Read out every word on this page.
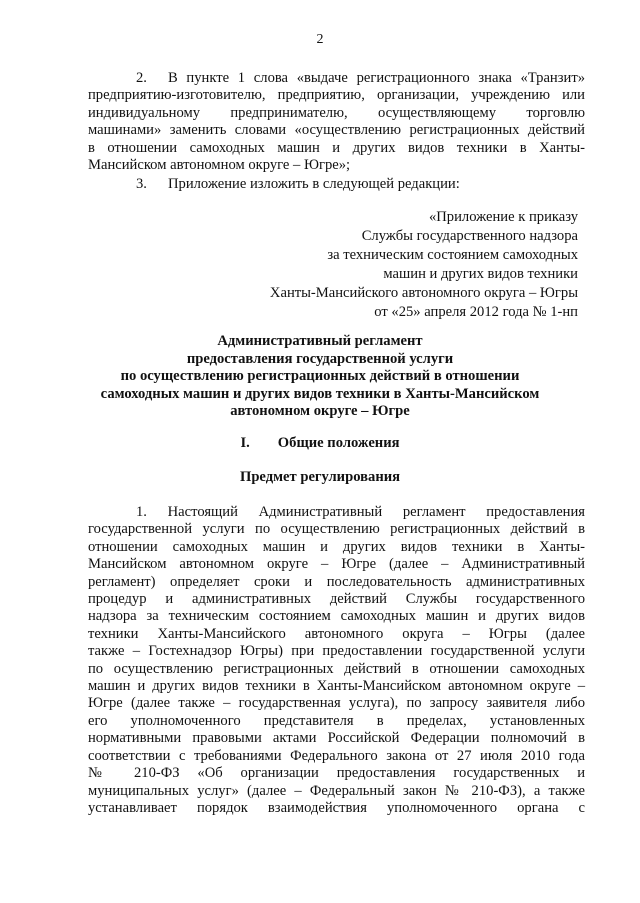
2
2. В пункте 1 слова «выдаче регистрационного знака «Транзит»
предприятию-изготовителю, предприятию, организации, учреждению или
индивидуальному предпринимателю, осуществляющему торговлю
машинами» заменить словами «осуществлению регистрационных действий
в отношении самоходных машин и других видов техники в Ханты-
Мансийском автономном округе – Югре»;
3. Приложение изложить в следующей редакции:
«Приложение к приказу
Службы государственного надзора
за техническим состоянием самоходных
машин и других видов техники
Ханты-Мансийского автономного округа – Югры
от «25» апреля 2012 года № 1-нп
Административный регламент
предоставления государственной услуги
по осуществлению регистрационных действий в отношении
самоходных машин и других видов техники в Ханты-Мансийском
автономном округе – Югре
I. Общие положения
Предмет регулирования
1. Настоящий Административный регламент предоставления
государственной услуги по осуществлению регистрационных действий в
отношении самоходных машин и других видов техники в Ханты-
Мансийском автономном округе – Югре (далее – Административный
регламент) определяет сроки и последовательность административных
процедур и административных действий Службы государственного
надзора за техническим состоянием самоходных машин и других видов
техники Ханты-Мансийского автономного округа – Югры (далее
также – Гостехнадзор Югры) при предоставлении государственной услуги
по осуществлению регистрационных действий в отношении самоходных
машин и других видов техники в Ханты-Мансийском автономном округе –
Югре (далее также – государственная услуга), по запросу заявителя либо
его уполномоченного представителя в пределах, установленных
нормативными правовыми актами Российской Федерации полномочий в
соответствии с требованиями Федерального закона от 27 июля 2010 года
№ 210-ФЗ «Об организации предоставления государственных и
муниципальных услуг» (далее – Федеральный закон № 210-ФЗ), а также
устанавливает порядок взаимодействия уполномоченного органа с
